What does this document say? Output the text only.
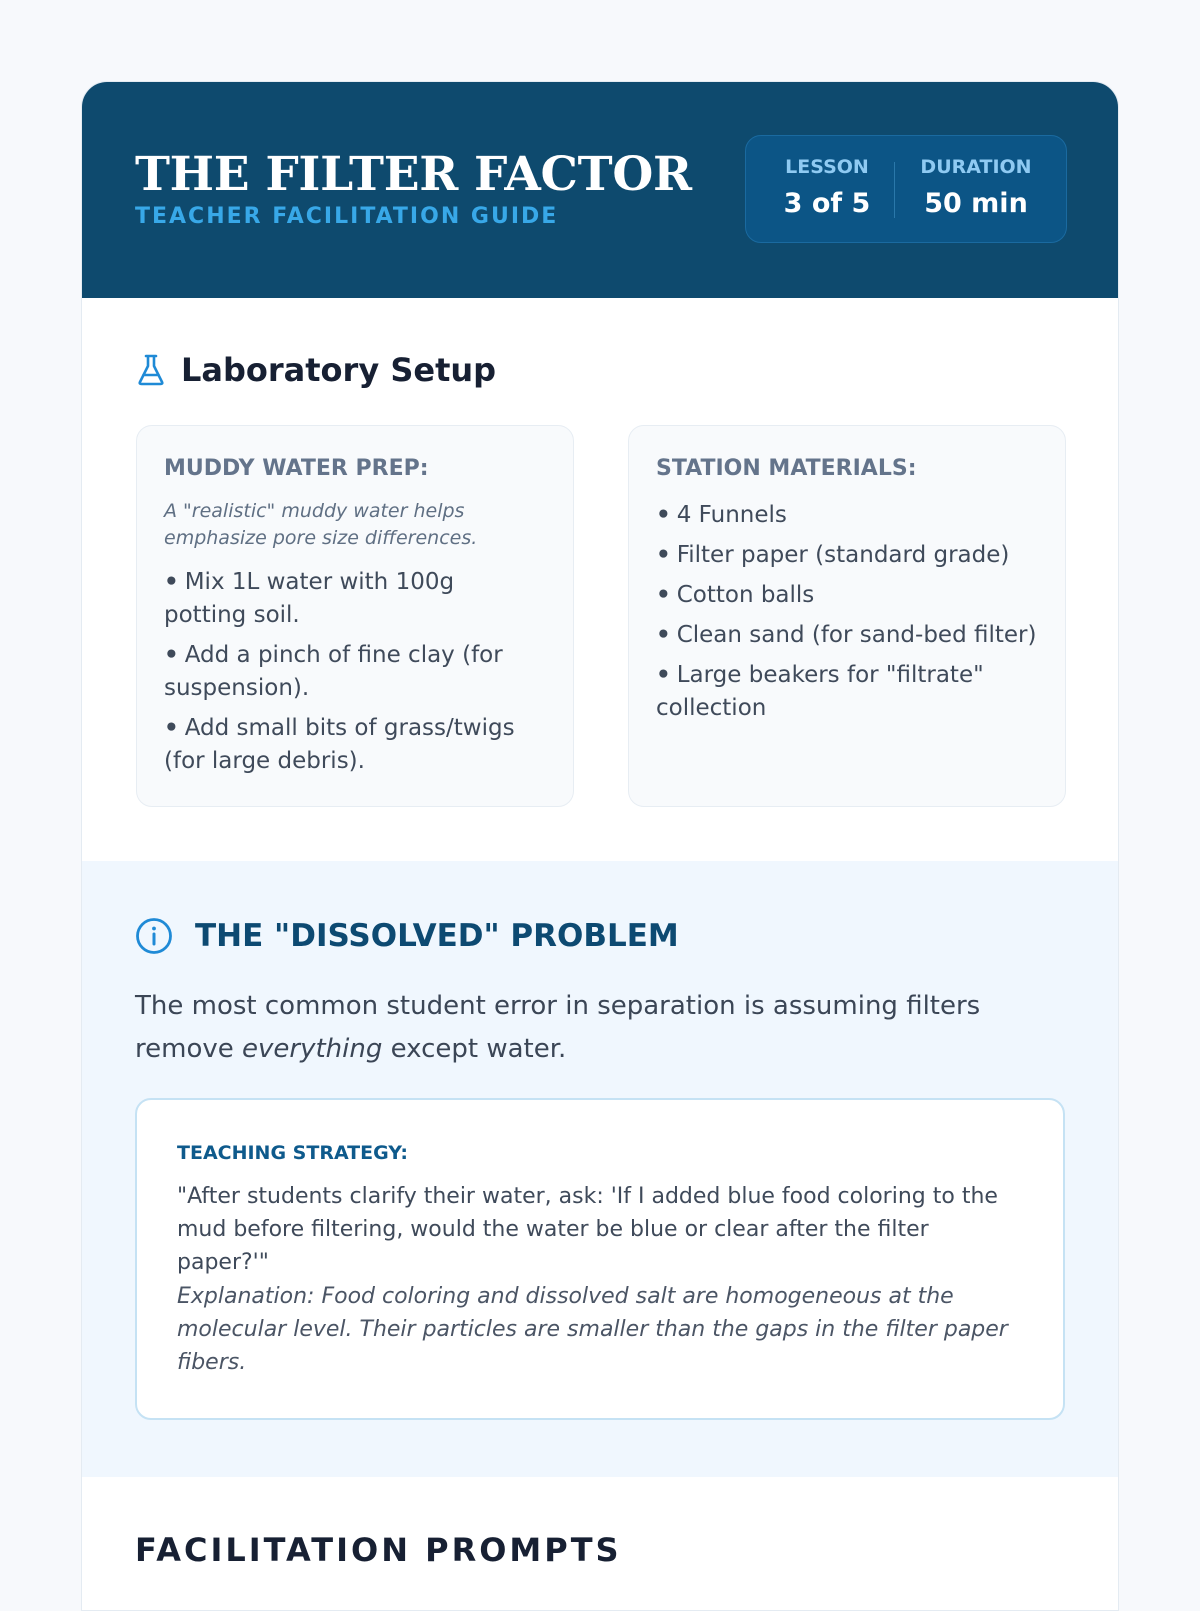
THE FILTER FACTOR
TEACHER FACILITATION GUIDE
LESSON
3 of 5
DURATION
50 min
Laboratory Setup
MUDDY WATER PREP:
A "realistic" muddy water helps emphasize pore size differences.
• Mix 1L water with 100g potting soil.
• Add a pinch of fine clay (for suspension).
• Add small bits of grass/twigs (for large debris).
STATION MATERIALS:
• 4 Funnels
• Filter paper (standard grade)
• Cotton balls
• Clean sand (for sand-bed filter)
• Large beakers for "filtrate" collection
THE "DISSOLVED" PROBLEM

The most common student error in separation is assuming filters remove everything except water.

TEACHING STRATEGY:

"After students clarify their water, ask: 'If I added blue food coloring to the mud before filtering, would the water be blue or clear after the filter paper?'"

Explanation: Food coloring and dissolved salt are homogeneous at the molecular level. Their particles are smaller than the gaps in the filter paper fibers.

FACILITATION PROMPTS
